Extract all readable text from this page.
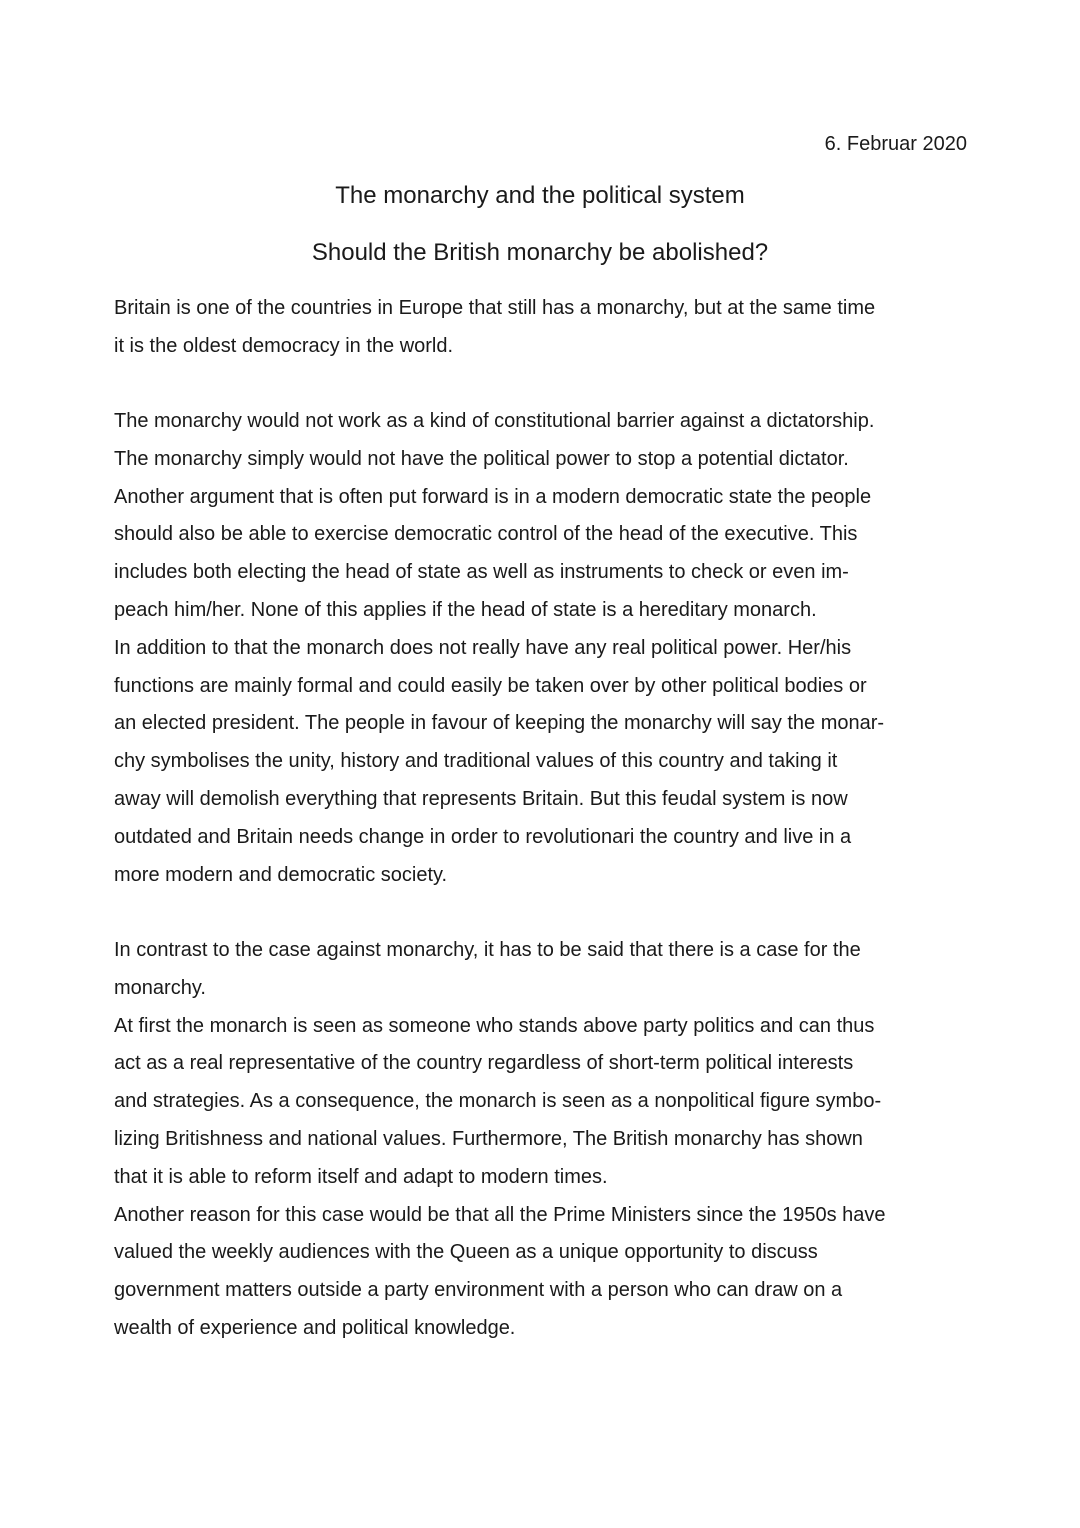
6. Februar 2020
The monarchy and the political system
Should the British monarchy be abolished?
Britain is one of the countries in Europe that still has a monarchy, but at the same time
it is the oldest democracy in the world.
The monarchy would not work as a kind of constitutional barrier against a dictatorship.
The monarchy simply would not have the political power to stop a potential dictator.
Another argument that is often put forward is in a modern democratic state the people
should also be able to exercise democratic control of the head of the executive. This
includes both electing the head of state as well as instruments to check or even im-
peach him/her. None of this applies if the head of state is a hereditary monarch.
In addition to that the monarch does not really have any real political power. Her/his
functions are mainly formal and could easily be taken over by other political bodies or
an elected president. The people in favour of keeping the monarchy will say the monar-
chy symbolises the unity, history and traditional values of this country and taking it
away will demolish everything that represents Britain. But this feudal system is now
outdated and Britain needs change in order to revolutionari the country and live in a
more modern and democratic society.
In contrast to the case against monarchy, it has to be said that there is a case for the
monarchy.
At first the monarch is seen as someone who stands above party politics and can thus
act as a real representative of the country regardless of short-term political interests
and strategies. As a consequence, the monarch is seen as a nonpolitical figure symbo-
lizing Britishness and national values. Furthermore, The British monarchy has shown
that it is able to reform itself and adapt to modern times.
Another reason for this case would be that all the Prime Ministers since the 1950s have
valued the weekly audiences with the Queen as a unique opportunity to discuss
government matters outside a party environment with a person who can draw on a
wealth of experience and political knowledge.
